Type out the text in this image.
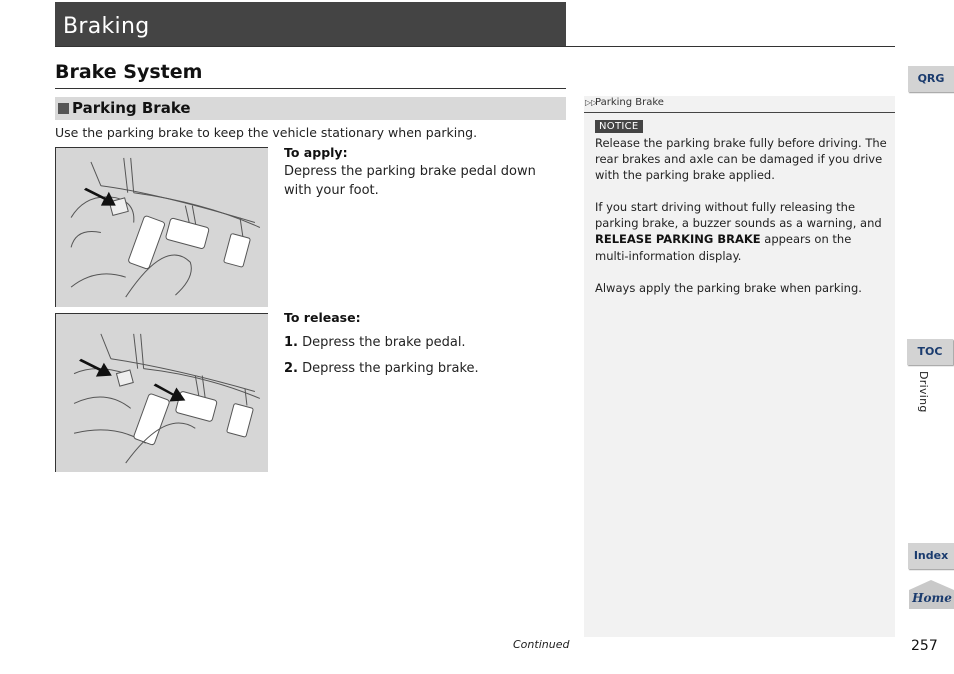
Braking
Brake System
Parking Brake
Use the parking brake to keep the vehicle stationary when parking.
To apply:
Depress the parking brake pedal down with your foot.
To release:
1. Depress the brake pedal.
2. Depress the parking brake.
▷▷
Parking Brake
NOTICE
Release the parking brake fully before driving. The rear brakes and axle can be damaged if you drive with the parking brake applied.
If you start driving without fully releasing the parking brake, a buzzer sounds as a warning, and RELEASE PARKING BRAKE appears on the multi-information display.
Always apply the parking brake when parking.
Continued	257
QRG
TOC
Driving
Index
Home
